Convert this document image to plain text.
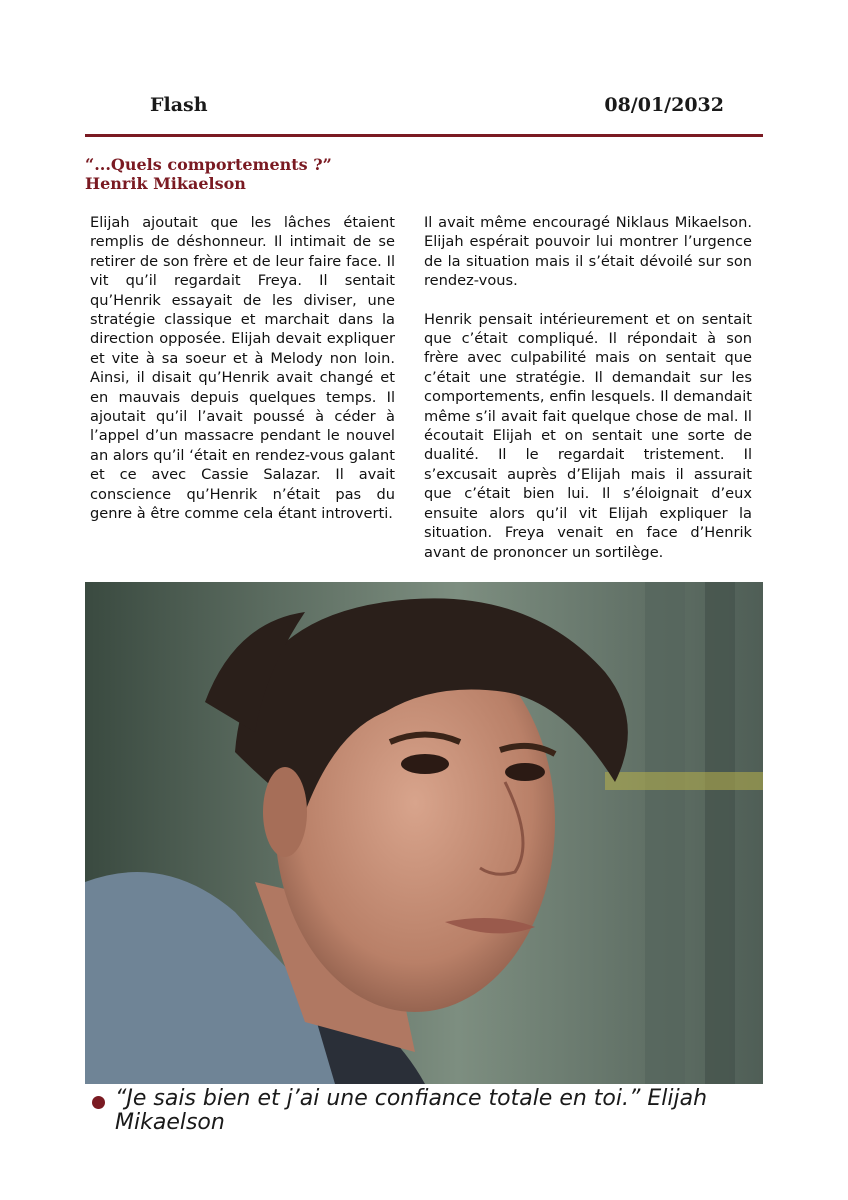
Flash	08/01/2032
“...Quels comportements ?” Henrik Mikaelson

Elijah ajoutait que les lâches étaient remplis de déshonneur. Il intimait de se retirer de son frère et de leur faire face. Il vit qu’il regardait Freya. Il sentait qu’Henrik essayait de les diviser, une stratégie classique et marchait dans la direction opposée. Elijah devait expliquer et vite à sa soeur et à Melody non loin. Ainsi, il disait qu’Henrik avait changé et en mauvais depuis quelques temps. Il ajoutait qu’il l’avait poussé à céder à l’appel d’un massacre pendant le nouvel an alors qu’il ‘était en rendez-vous galant et ce avec Cassie Salazar. Il avait conscience qu’Henrik n’était pas du genre à être comme cela étant introverti.

Il avait même encouragé Niklaus Mikaelson. Elijah espérait pouvoir lui montrer l’urgence de la situation mais il s’était dévoilé sur son rendez-vous.

Henrik pensait intérieurement et on sentait que c’était compliqué. Il répondait à son frère avec culpabilité mais on sentait que c’était une stratégie. Il demandait sur les comportements, enfin lesquels. Il demandait même s’il avait fait quelque chose de mal. Il écoutait Elijah et on sentait une sorte de dualité. Il le regardait tristement. Il s’excusait auprès d’Elijah mais il assurait que c’était bien lui. Il s’éloignait d’eux ensuite alors qu’il vit Elijah expliquer la situation. Freya venait en face d’Henrik avant de prononcer un sortilège.

“Je sais bien et j’ai une confiance totale en toi.” Elijah Mikaelson
